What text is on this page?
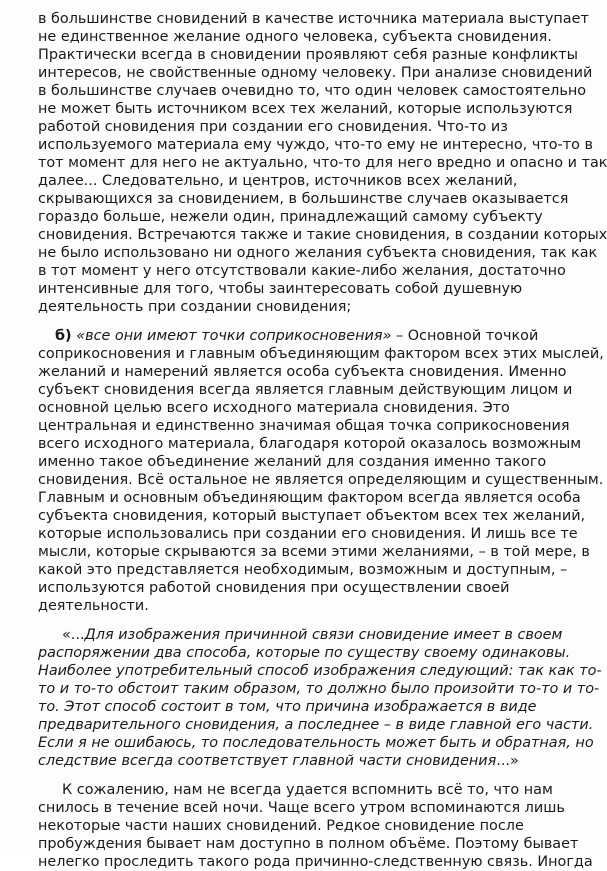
в большинстве сновидений в качестве источника материала выступает
не единственное желание одного человека, субъекта сновидения.
Практически всегда в сновидении проявляют себя разные конфликты
интересов, не свойственные одному человеку. При анализе сновидений
в большинстве случаев очевидно то, что один человек самостоятельно
не может быть источником всех тех желаний, которые используются
работой сновидения при создании его сновидения. Что-то из
используемого материала ему чуждо, что-то ему не интересно, что-то в
тот момент для него не актуально, что-то для него вредно и опасно и так
далее... Следовательно, и центров, источников всех желаний,
скрывающихся за сновидением, в большинстве случаев оказывается
гораздо больше, нежели один, принадлежащий самому субъекту
сновидения. Встречаются также и такие сновидения, в создании которых
не было использовано ни одного желания субъекта сновидения, так как
в тот момент у него отсутствовали какие-либо желания, достаточно
интенсивные для того, чтобы заинтересовать собой душевную
деятельность при создании сновидения;
б) «все они имеют точки соприкосновения» – Основной точкой
соприкосновения и главным объединяющим фактором всех этих мыслей,
желаний и намерений является особа субъекта сновидения. Именно
субъект сновидения всегда является главным действующим лицом и
основной целью всего исходного материала сновидения. Это
центральная и единственно значимая общая точка соприкосновения
всего исходного материала, благодаря которой оказалось возможным
именно такое объединение желаний для создания именно такого
сновидения. Всё остальное не является определяющим и существенным.
Главным и основным объединяющим фактором всегда является особа
субъекта сновидения, который выступает объектом всех тех желаний,
которые использовались при создании его сновидения. И лишь все те
мысли, которые скрываются за всеми этими желаниями, – в той мере, в
какой это представляется необходимым, возможным и доступным, –
используются работой сновидения при осуществлении своей
деятельности.
«...Для изображения причинной связи сновидение имеет в своем
распоряжении два способа, которые по существу своему одинаковы.
Наиболее употребительный способ изображения следующий: так как то-
то и то-то обстоит таким образом, то должно было произойти то-то и то-
то. Этот способ состоит в том, что причина изображается в виде
предварительного сновидения, а последнее – в виде главной его части.
Если я не ошибаюсь, то последовательность может быть и обратная, но
следствие всегда соответствует главной части сновидения...»
К сожалению, нам не всегда удается вспомнить всё то, что нам
снилось в течение всей ночи. Чаще всего утром вспоминаются лишь
некоторые части наших сновидений. Редкое сновидение после
пробуждения бывает нам доступно в полном объёме. Поэтому бывает
нелегко проследить такого рода причинно-следственную связь. Иногда
